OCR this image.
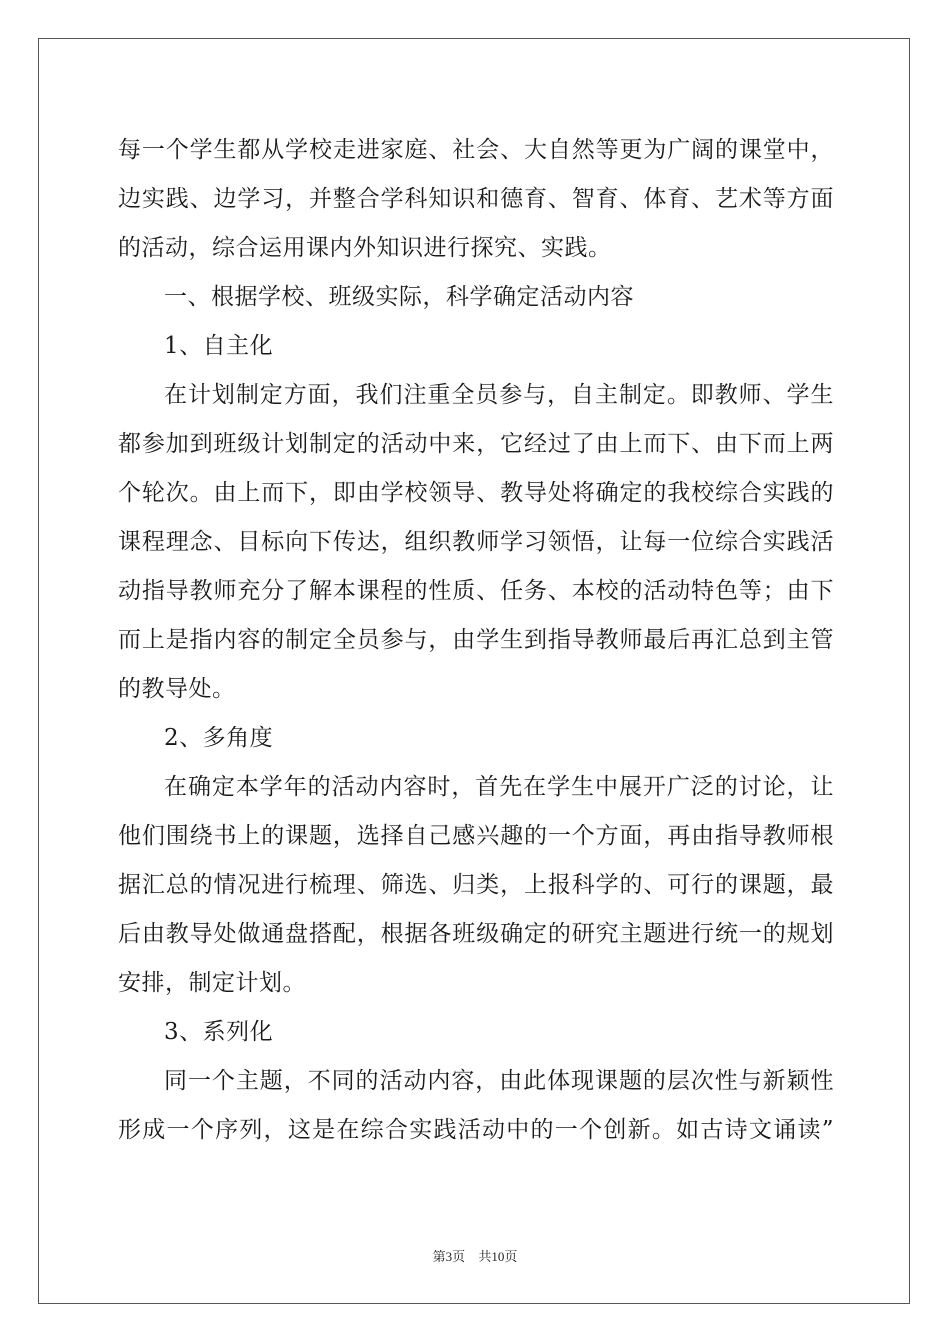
每一个学生都从学校走进家庭、社会、大自然等更为广阔的课堂中，
边实践、边学习，并整合学科知识和德育、智育、体育、艺术等方面
的活动，综合运用课内外知识进行探究、实践。
一、根据学校、班级实际，科学确定活动内容
1、自主化
在计划制定方面，我们注重全员参与，自主制定。即教师、学生
都参加到班级计划制定的活动中来，它经过了由上而下、由下而上两
个轮次。由上而下，即由学校领导、教导处将确定的我校综合实践的
课程理念、目标向下传达，组织教师学习领悟，让每一位综合实践活
动指导教师充分了解本课程的性质、任务、本校的活动特色等；由下
而上是指内容的制定全员参与，由学生到指导教师最后再汇总到主管
的教导处。
2、多角度
在确定本学年的活动内容时，首先在学生中展开广泛的讨论，让
他们围绕书上的课题，选择自己感兴趣的一个方面，再由指导教师根
据汇总的情况进行梳理、筛选、归类，上报科学的、可行的课题，最
后由教导处做通盘搭配，根据各班级确定的研究主题进行统一的规划
安排，制定计划。
3、系列化
同一个主题，不同的活动内容，由此体现课题的层次性与新颖性
形成一个序列，这是在综合实践活动中的一个创新。如古诗文诵读”
第3页 共10页
